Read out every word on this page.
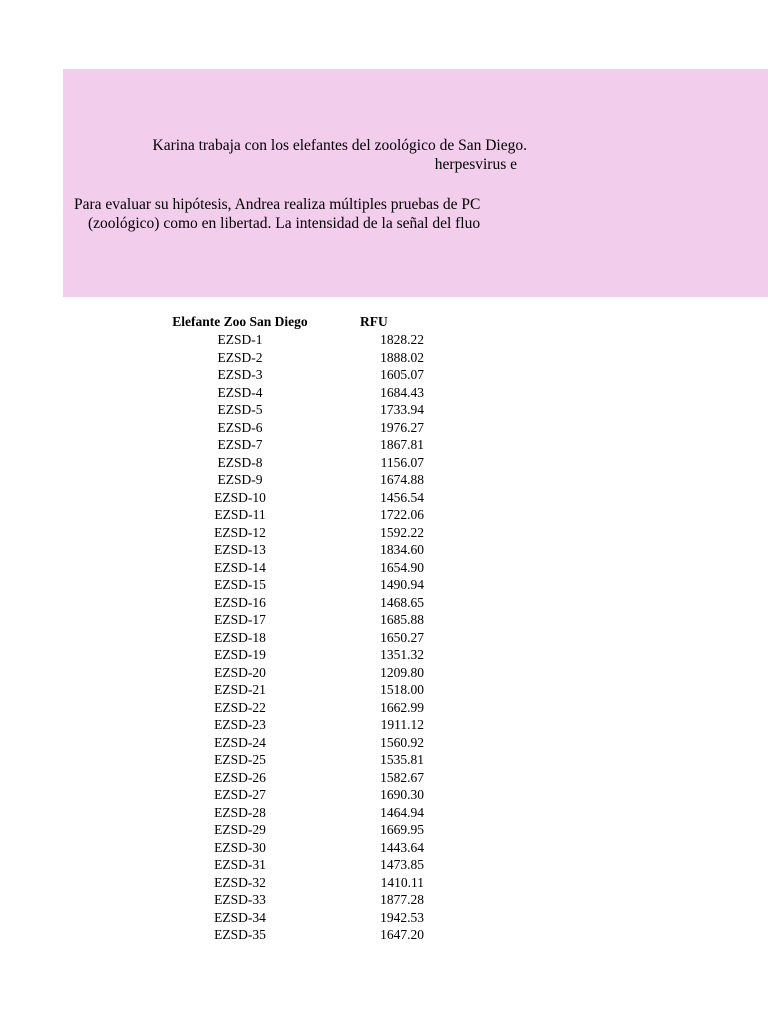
Karina trabaja con los elefantes del zoológico de San Diego.
herpesvirus e
Para evaluar su hipótesis, Andrea realiza múltiples pruebas de PC
(zoológico) como en libertad. La intensidad de la señal del fluo
Elefante Zoo San Diego	RFU
EZSD-1	1828.22
EZSD-2	1888.02
EZSD-3	1605.07
EZSD-4	1684.43
EZSD-5	1733.94
EZSD-6	1976.27
EZSD-7	1867.81
EZSD-8	1156.07
EZSD-9	1674.88
EZSD-10	1456.54
EZSD-11	1722.06
EZSD-12	1592.22
EZSD-13	1834.60
EZSD-14	1654.90
EZSD-15	1490.94
EZSD-16	1468.65
EZSD-17	1685.88
EZSD-18	1650.27
EZSD-19	1351.32
EZSD-20	1209.80
EZSD-21	1518.00
EZSD-22	1662.99
EZSD-23	1911.12
EZSD-24	1560.92
EZSD-25	1535.81
EZSD-26	1582.67
EZSD-27	1690.30
EZSD-28	1464.94
EZSD-29	1669.95
EZSD-30	1443.64
EZSD-31	1473.85
EZSD-32	1410.11
EZSD-33	1877.28
EZSD-34	1942.53
EZSD-35	1647.20
